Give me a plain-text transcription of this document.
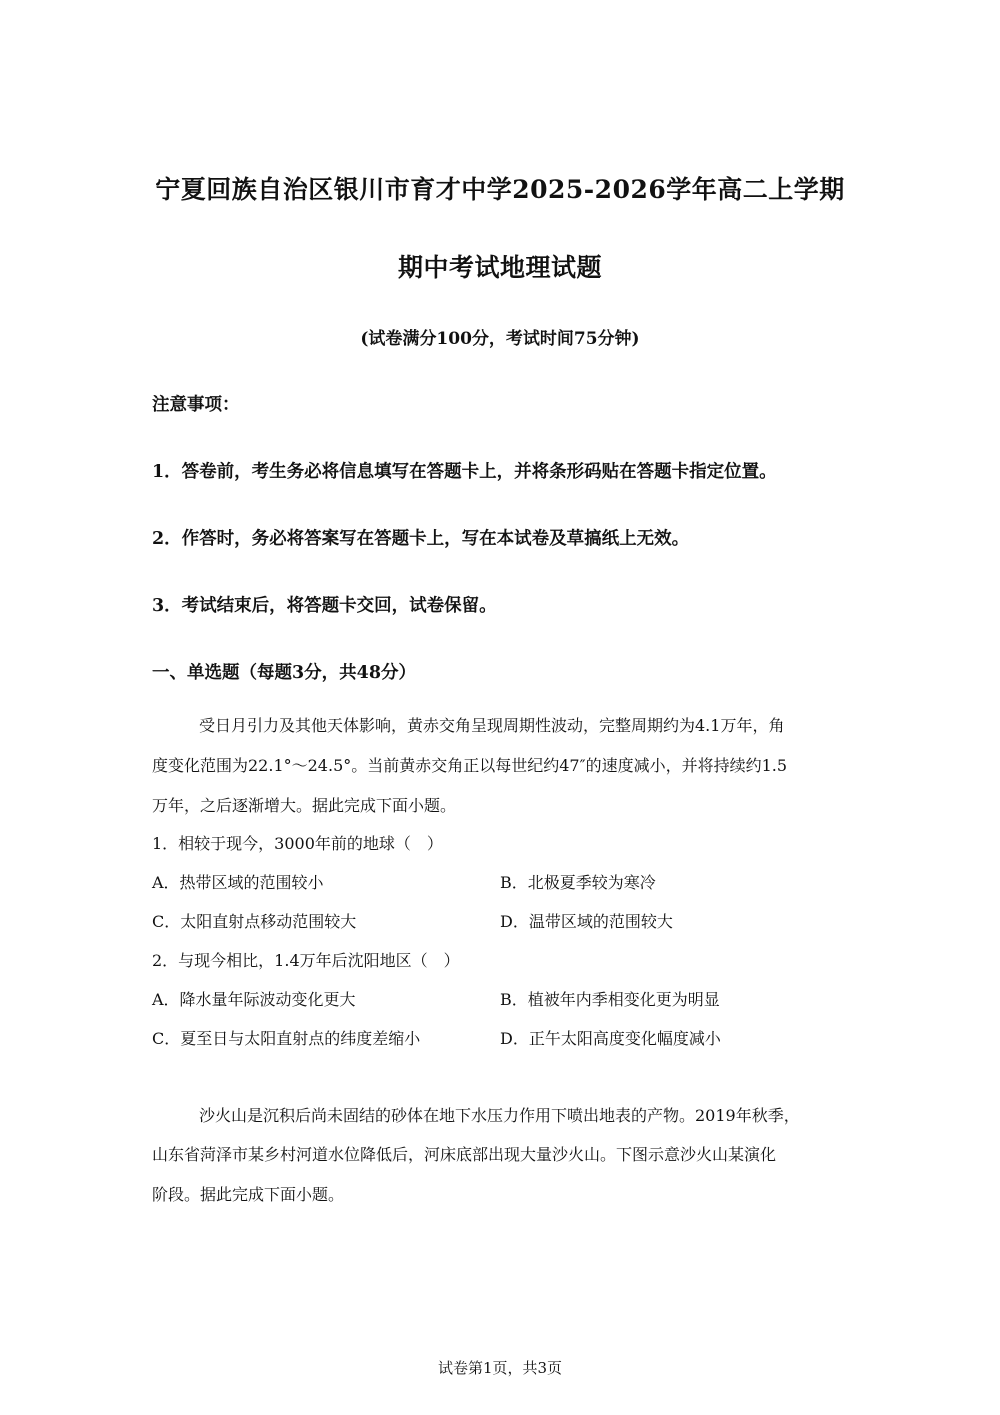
宁夏回族自治区银川市育才中学2025-2026学年高二上学期
期中考试地理试题
(试卷满分100分，考试时间75分钟)
注意事项：
1．答卷前，考生务必将信息填写在答题卡上，并将条形码贴在答题卡指定位置。
2．作答时，务必将答案写在答题卡上，写在本试卷及草搞纸上无效。
3．考试结束后，将答题卡交回，试卷保留。
一、单选题（每题3分，共48分）
受日月引力及其他天体影响，黄赤交角呈现周期性波动，完整周期约为4.1万年，角
度变化范围为22.1°～24.5°。当前黄赤交角正以每世纪约47″的速度减小，并将持续约1.5
万年，之后逐渐增大。据此完成下面小题。
1．相较于现今，3000年前的地球（　）
A．热带区域的范围较小	B．北极夏季较为寒冷
C．太阳直射点移动范围较大	D．温带区域的范围较大
2．与现今相比，1.4万年后沈阳地区（　）
A．降水量年际波动变化更大	B．植被年内季相变化更为明显
C．夏至日与太阳直射点的纬度差缩小	D．正午太阳高度变化幅度减小
沙火山是沉积后尚未固结的砂体在地下水压力作用下喷出地表的产物。2019年秋季，
山东省菏泽市某乡村河道水位降低后，河床底部出现大量沙火山。下图示意沙火山某演化
阶段。据此完成下面小题。
试卷第1页，共3页
